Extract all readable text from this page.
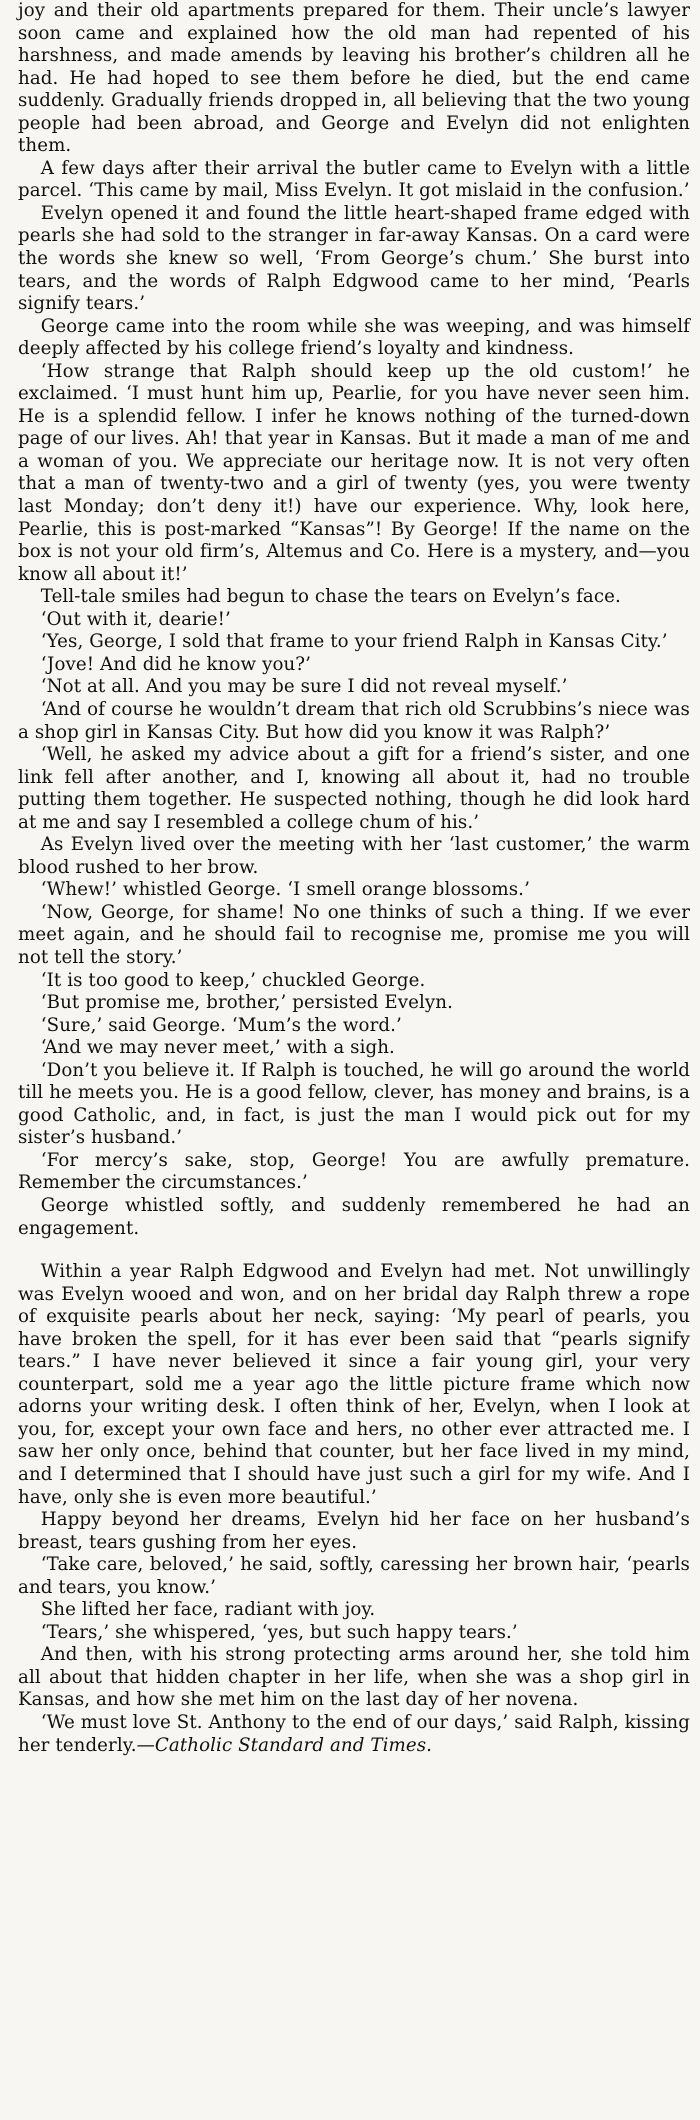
joy and their old apartments prepared for them. Their uncle’s lawyer soon came and explained how the old man had repented of his harshness, and made amends by leaving his brother’s children all he had. He had hoped to see them before he died, but the end came suddenly. Gradually friends dropped in, all believing that the two young people had been abroad, and George and Evelyn did not enlighten them.

A few days after their arrival the butler came to Evelyn with a little parcel. ‘This came by mail, Miss Evelyn. It got mislaid in the confusion.’

Evelyn opened it and found the little heart-shaped frame edged with pearls she had sold to the stranger in far-away Kansas. On a card were the words she knew so well, ‘From George’s chum.’ She burst into tears, and the words of Ralph Edgwood came to her mind, ‘Pearls signify tears.’

George came into the room while she was weeping, and was himself deeply affected by his college friend’s loyalty and kindness.

‘How strange that Ralph should keep up the old custom!’ he exclaimed. ‘I must hunt him up, Pearlie, for you have never seen him. He is a splendid fellow. I infer he knows nothing of the turned-down page of our lives. Ah! that year in Kansas. But it made a man of me and a woman of you. We appreciate our heritage now. It is not very often that a man of twenty-two and a girl of twenty (yes, you were twenty last Monday; don’t deny it!) have our experience. Why, look here, Pearlie, this is post-marked “Kansas”! By George! If the name on the box is not your old firm’s, Altemus and Co. Here is a mystery, and—you know all about it!’

Tell-tale smiles had begun to chase the tears on Evelyn’s face.

‘Out with it, dearie!’

‘Yes, George, I sold that frame to your friend Ralph in Kansas City.’

‘Jove! And did he know you?’

‘Not at all. And you may be sure I did not reveal myself.’

‘And of course he wouldn’t dream that rich old Scrubbins’s niece was a shop girl in Kansas City. But how did you know it was Ralph?’

‘Well, he asked my advice about a gift for a friend’s sister, and one link fell after another, and I, knowing all about it, had no trouble putting them together. He suspected nothing, though he did look hard at me and say I resembled a college chum of his.’

As Evelyn lived over the meeting with her ‘last customer,’ the warm blood rushed to her brow.

‘Whew!’ whistled George. ‘I smell orange blossoms.’

‘Now, George, for shame! No one thinks of such a thing. If we ever meet again, and he should fail to recognise me, promise me you will not tell the story.’

‘It is too good to keep,’ chuckled George.

‘But promise me, brother,’ persisted Evelyn.

‘Sure,’ said George. ‘Mum’s the word.’

‘And we may never meet,’ with a sigh.

‘Don’t you believe it. If Ralph is touched, he will go around the world till he meets you. He is a good fellow, clever, has money and brains, is a good Catholic, and, in fact, is just the man I would pick out for my sister’s husband.’

‘For mercy’s sake, stop, George! You are awfully premature. Remember the circumstances.’

George whistled softly, and suddenly remembered he had an engagement.

Within a year Ralph Edgwood and Evelyn had met. Not unwillingly was Evelyn wooed and won, and on her bridal day Ralph threw a rope of exquisite pearls about her neck, saying: ‘My pearl of pearls, you have broken the spell, for it has ever been said that “pearls signify tears.” I have never believed it since a fair young girl, your very counterpart, sold me a year ago the little picture frame which now adorns your writing desk. I often think of her, Evelyn, when I look at you, for, except your own face and hers, no other ever attracted me. I saw her only once, behind that counter, but her face lived in my mind, and I determined that I should have just such a girl for my wife. And I have, only she is even more beautiful.’

Happy beyond her dreams, Evelyn hid her face on her husband’s breast, tears gushing from her eyes.

‘Take care, beloved,’ he said, softly, caressing her brown hair, ‘pearls and tears, you know.’

She lifted her face, radiant with joy.

‘Tears,’ she whispered, ‘yes, but such happy tears.’

And then, with his strong protecting arms around her, she told him all about that hidden chapter in her life, when she was a shop girl in Kansas, and how she met him on the last day of her novena.

‘We must love St. Anthony to the end of our days,’ said Ralph, kissing her tenderly.—Catholic Standard and Times.
